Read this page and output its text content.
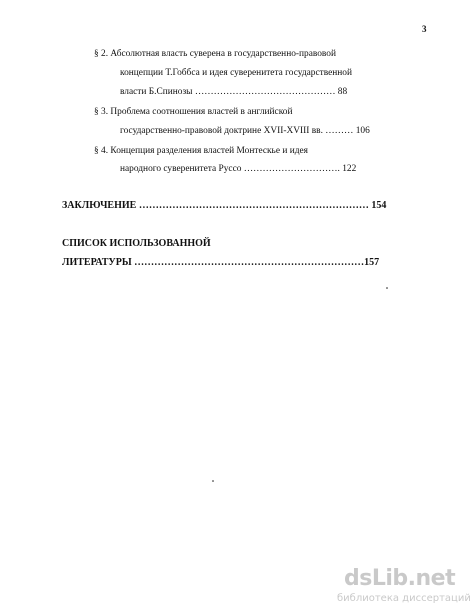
3
§ 2. Абсолютная власть суверена в государственно-правовой
концепции Т.Гоббса и идея суверенитета государственной
власти Б.Спинозы ……………………………………… 88
§ 3. Проблема соотношения властей в английской
государственно-правовой доктрине XVII-XVIII вв. ……… 106
§ 4. Концепция разделения властей Монтескье и идея
народного суверенитета Руссо …………………………. 122
ЗАКЛЮЧЕНИЕ …………………………………………………………… 154
СПИСОК ИСПОЛЬЗОВАННОЙ
ЛИТЕРАТУРЫ ……………………………………………………………157
dsLib.net
библиотека диссертаций
